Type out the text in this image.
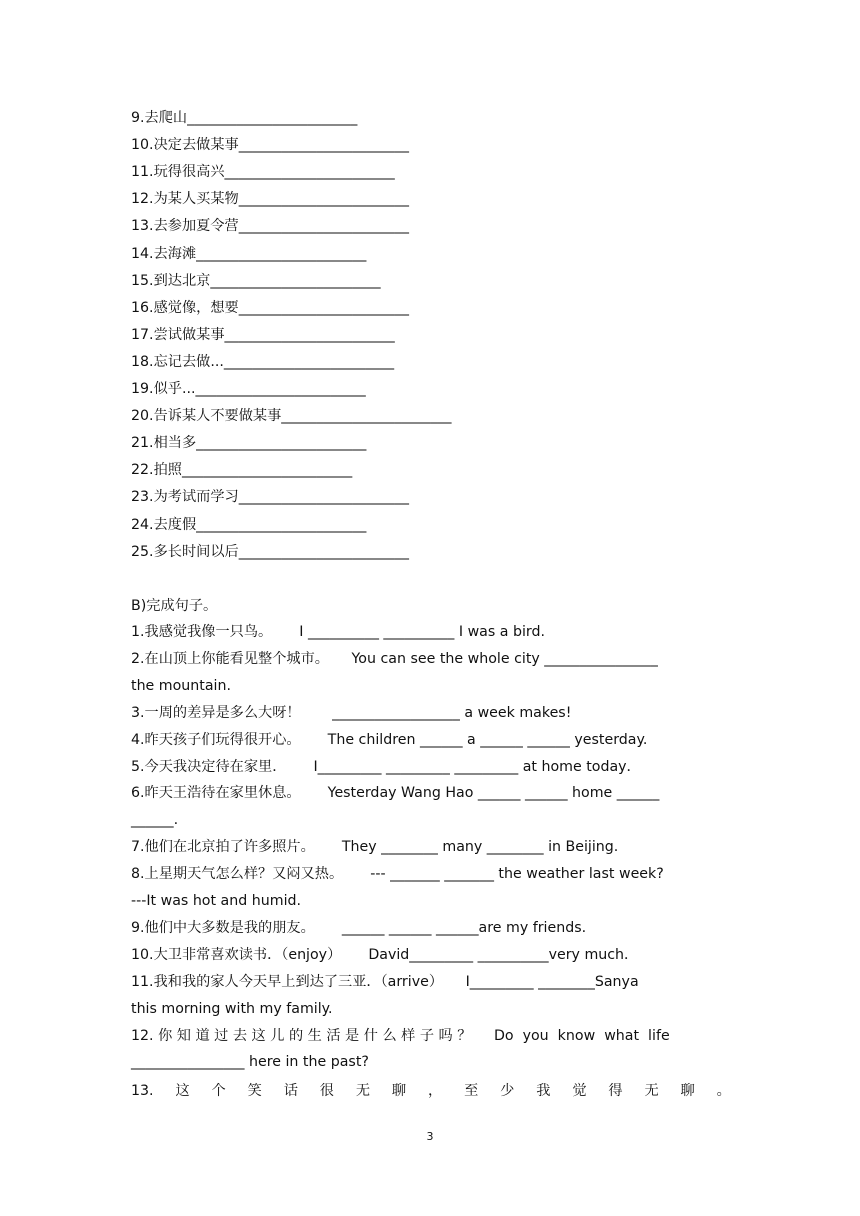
9.去爬山________________________
10.决定去做某事________________________
11.玩得很高兴________________________
12.为某人买某物________________________
13.去参加夏令营________________________
14.去海滩________________________
15.到达北京________________________
16.感觉像，想要________________________
17.尝试做某事________________________
18.忘记去做...________________________
19.似乎...________________________
20.告诉某人不要做某事________________________
21.相当多________________________
22.拍照________________________
23.为考试而学习________________________
24.去度假________________________
25.多长时间以后________________________
B)完成句子。
1.我感觉我像一只鸟。      I __________ __________ I was a bird.
2.在山顶上你能看见整个城市。     You can see the whole city ________________
the mountain.
3.一周的差异是多么大呀！       __________________ a week makes!
4.昨天孩子们玩得很开心。      The children ______ a ______ ______ yesterday.
5.今天我决定待在家里．      I_________ _________ _________ at home today．
6.昨天王浩待在家里休息。      Yesterday Wang Hao ______ ______ home ______
______.
7.他们在北京拍了许多照片。      They ________ many ________ in Beijing.
8.上星期天气怎么样？又闷又热。      --- _______ _______ the weather last week?
---It was hot and humid.
9.他们中大多数是我的朋友。      ______ ______ ______are my friends.
10.大卫非常喜欢读书．（enjoy）      David_________ __________very much．
11.我和我的家人今天早上到达了三亚．（arrive）     I_________ ________Sanya
this morning with my family.
12. 你 知 道 过 去 这 儿 的 生 活 是 什 么 样 子 吗 ？     Do  you  know  what  life
________________ here in the past?
13. 这 个 笑 话 很 无 聊 ， 至 少 我 觉 得 无 聊 。
3
